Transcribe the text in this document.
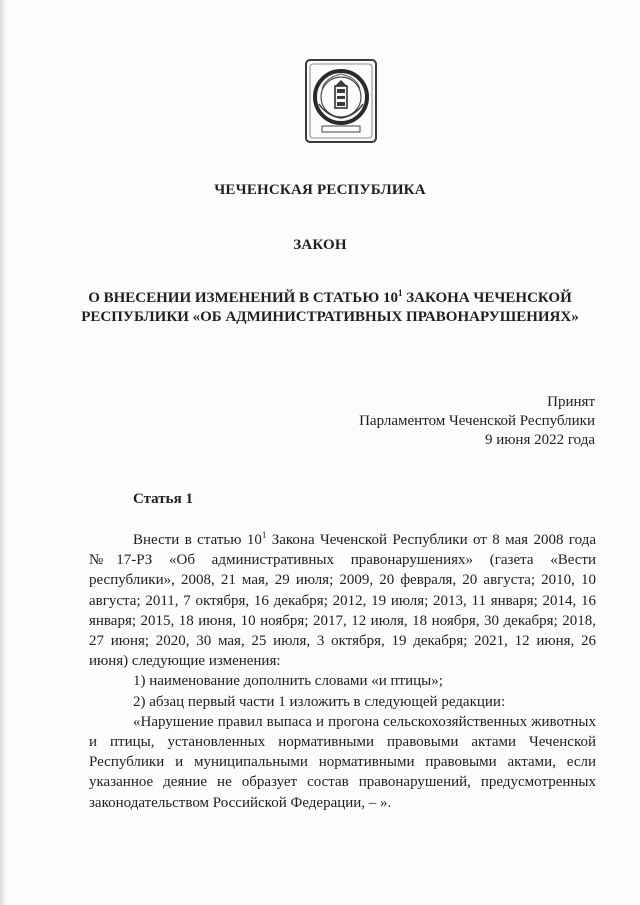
ЧЕЧЕНСКАЯ РЕСПУБЛИКА
ЗАКОН
О ВНЕСЕНИИ ИЗМЕНЕНИЙ В СТАТЬЮ $10^1$ ЗАКОНА ЧЕЧЕНСКОЙ РЕСПУБЛИКИ «ОБ АДМИНИСТРАТИВНЫХ ПРАВОНАРУШЕНИЯХ»
Принят
Парламентом Чеченской Республики
9 июня 2022 года
Статья 1

Внести в статью $10^1$ Закона Чеченской Республики от 8 мая 2008 года №17-РЗ «Об административных правонарушениях» (газета «Вести республики», 2008, 21 мая, 29 июля; 2009, 20 февраля, 20 августа; 2010, 10 августа; 2011, 7 октября, 16 декабря; 2012, 19 июля; 2013, 11 января; 2014, 16 января; 2015, 18 июня, 10 ноября; 2017, 12 июля, 18 ноября, 30 декабря; 2018, 27 июня; 2020, 30 мая, 25 июля, 3 октября, 19 декабря; 2021, 12 июня, 26 июня) следующие изменения:

1) наименование дополнить словами «и птицы»;

2) абзац первый части 1 изложить в следующей редакции:

«Нарушение правил выпаса и прогона сельскохозяйственных животных и птицы, установленных нормативными правовыми актами Чеченской Республики и муниципальными нормативными правовыми актами, если указанное деяние не образует состав правонарушений, предусмотренных законодательством Российской Федерации, – ».
